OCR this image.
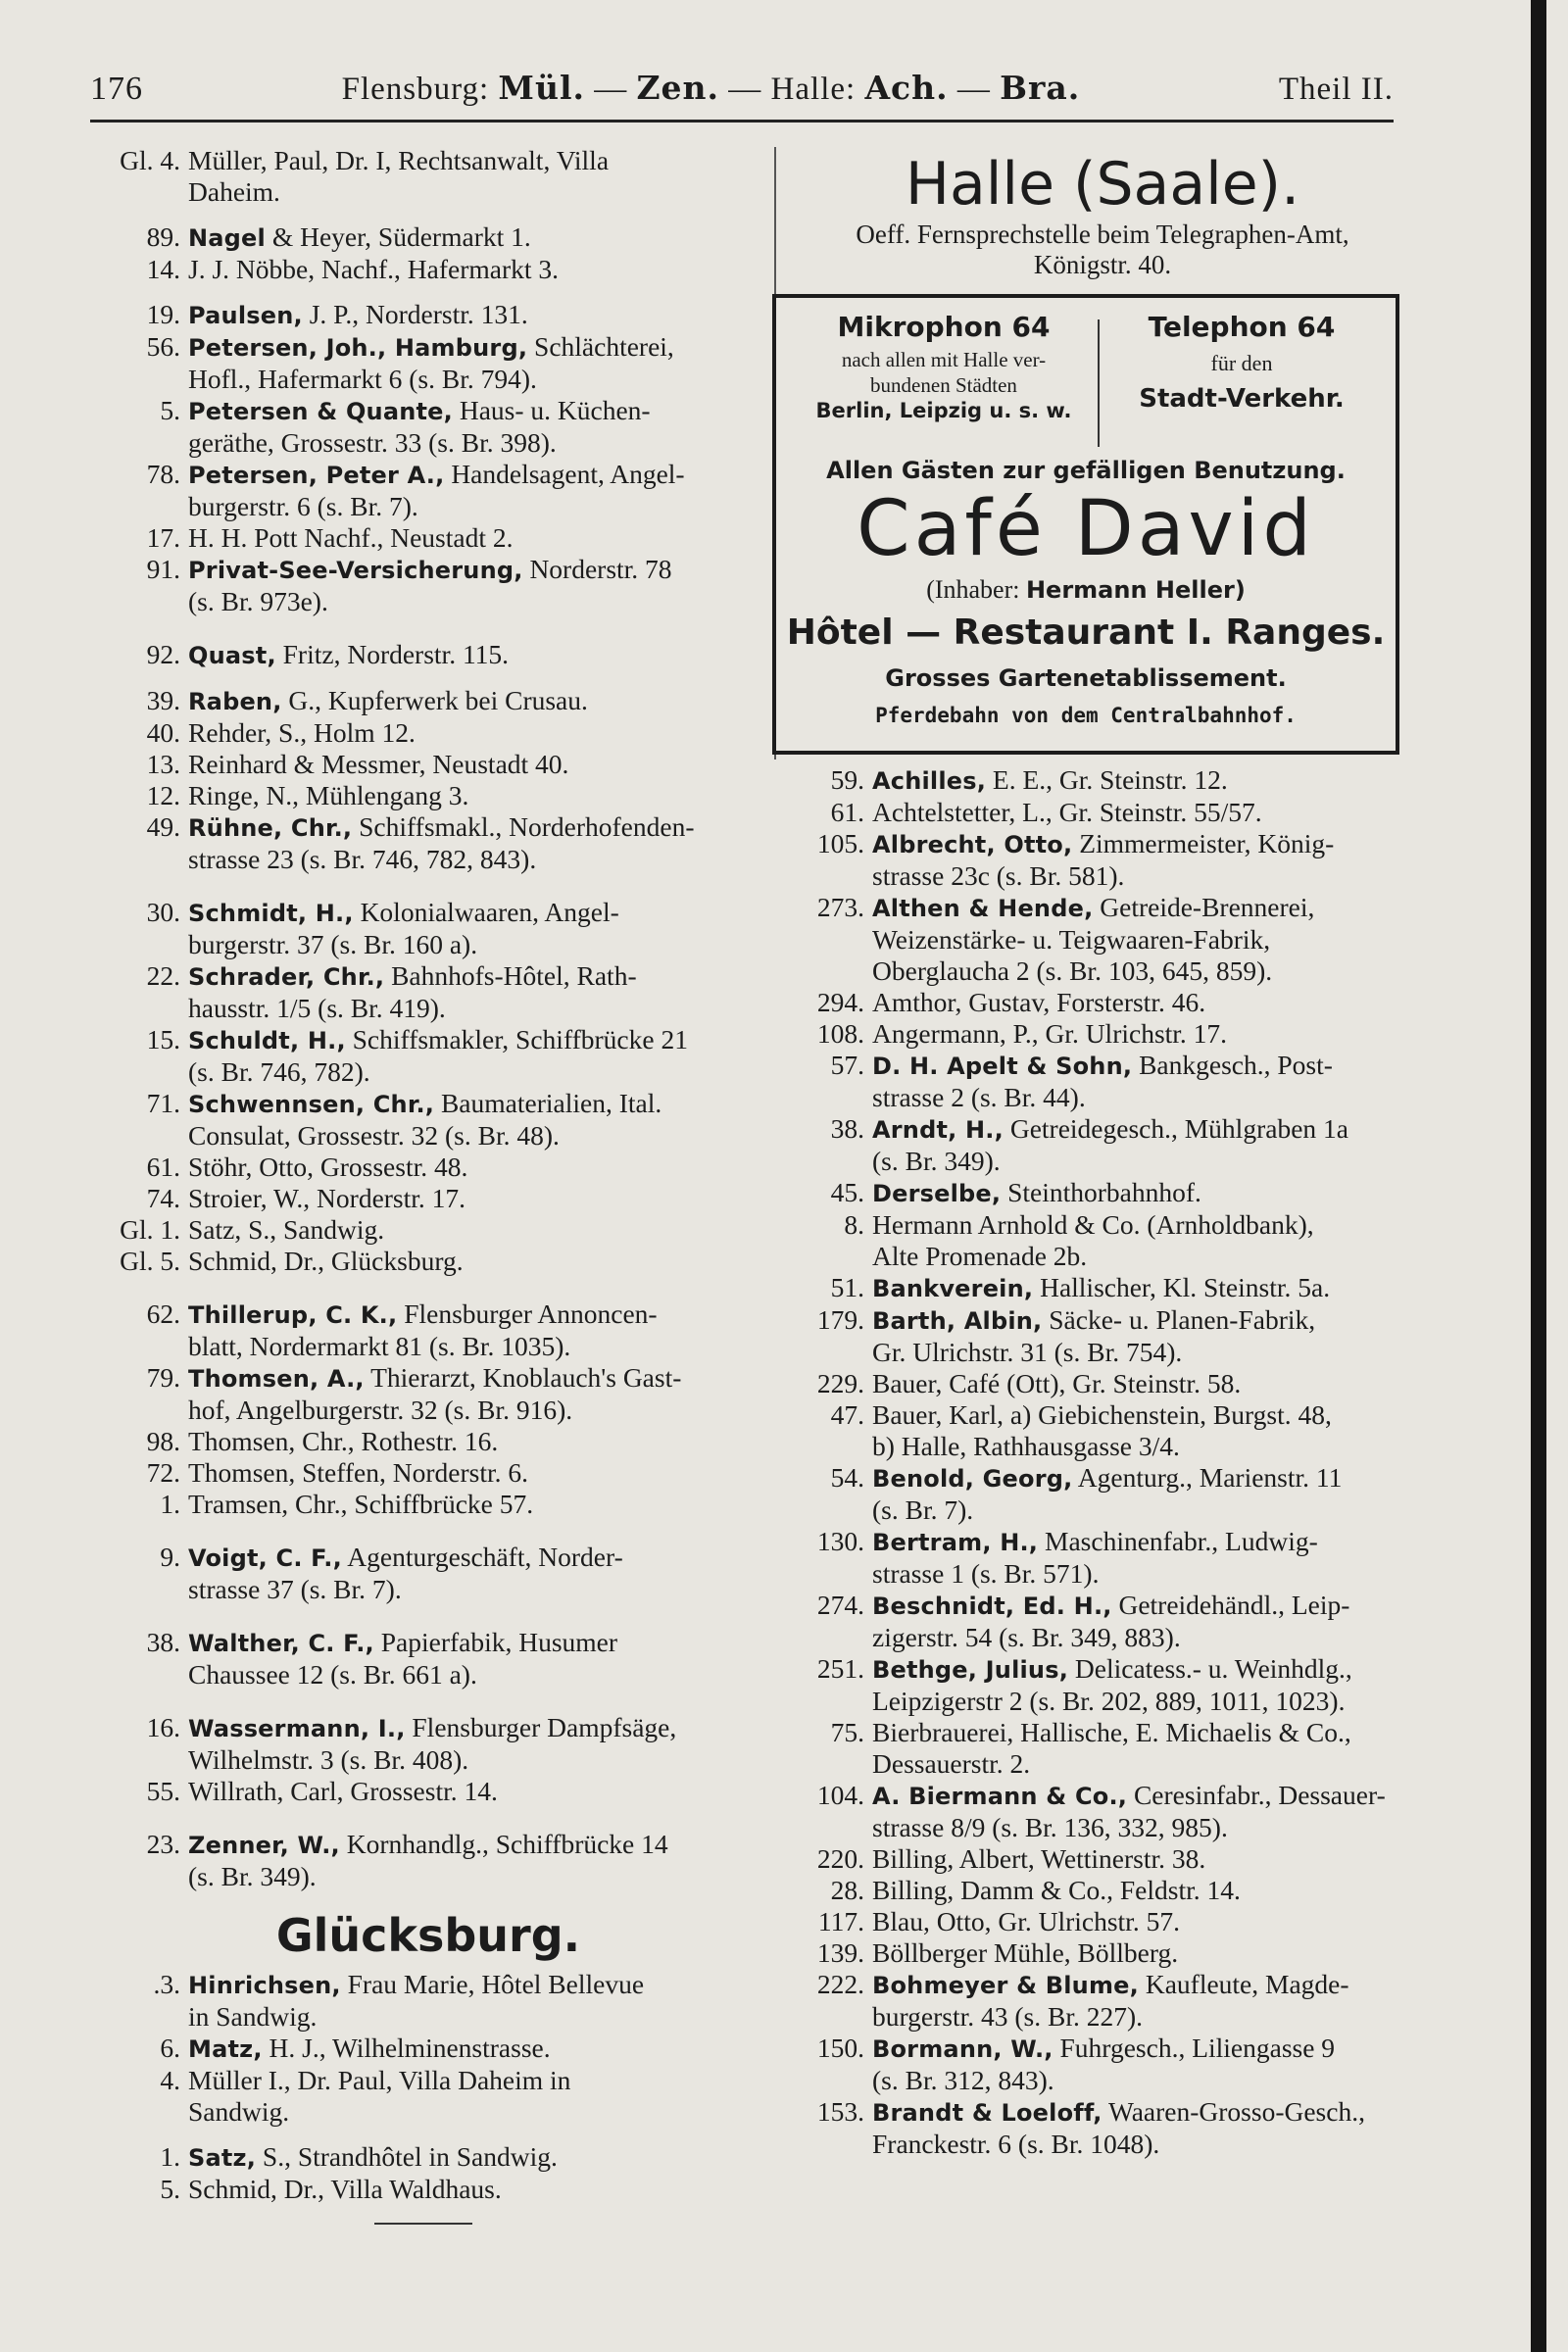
176	Flensburg: Mül. — Zen. — Halle: Ach. — Bra.	Theil II.
Gl. 4. Müller, Paul, Dr. I, Rechtsanwalt, Villa
Daheim.
89. Nagel & Heyer, Südermarkt 1.
14. J. J. Nöbbe, Nachf., Hafermarkt 3.
19. Paulsen, J. P., Norderstr. 131.
56. Petersen, Joh., Hamburg, Schlächterei,
Hofl., Hafermarkt 6 (s. Br. 794).
5. Petersen & Quante, Haus- u. Küchen-
geräthe, Grossestr. 33 (s. Br. 398).
78. Petersen, Peter A., Handelsagent, Angel-
burgerstr. 6 (s. Br. 7).
17. H. H. Pott Nachf., Neustadt 2.
91. Privat-See-Versicherung, Norderstr. 78
(s. Br. 973e).
92. Quast, Fritz, Norderstr. 115.
39. Raben, G., Kupferwerk bei Crusau.
40. Rehder, S., Holm 12.
13. Reinhard & Messmer, Neustadt 40.
12. Ringe, N., Mühlengang 3.
49. Rühne, Chr., Schiffsmakl., Norderhofenden-
strasse 23 (s. Br. 746, 782, 843).
30. Schmidt, H., Kolonialwaaren, Angel-
burgerstr. 37 (s. Br. 160 a).
22. Schrader, Chr., Bahnhofs-Hôtel, Rath-
hausstr. 1/5 (s. Br. 419).
15. Schuldt, H., Schiffsmakler, Schiffbrücke 21
(s. Br. 746, 782).
71. Schwennsen, Chr., Baumaterialien, Ital.
Consulat, Grossestr. 32 (s. Br. 48).
61. Stöhr, Otto, Grossestr. 48.
74. Stroier, W., Norderstr. 17.
Gl. 1. Satz, S., Sandwig.
Gl. 5. Schmid, Dr., Glücksburg.
62. Thillerup, C. K., Flensburger Annoncen-
blatt, Nordermarkt 81 (s. Br. 1035).
79. Thomsen, A., Thierarzt, Knoblauch's Gast-
hof, Angelburgerstr. 32 (s. Br. 916).
98. Thomsen, Chr., Rothestr. 16.
72. Thomsen, Steffen, Norderstr. 6.
1. Tramsen, Chr., Schiffbrücke 57.
9. Voigt, C. F., Agenturgeschäft, Norder-
strasse 37 (s. Br. 7).
38. Walther, C. F., Papierfabik, Husumer
Chaussee 12 (s. Br. 661 a).
16. Wassermann, I., Flensburger Dampfsäge,
Wilhelmstr. 3 (s. Br. 408).
55. Willrath, Carl, Grossestr. 14.
23. Zenner, W., Kornhandlg., Schiffbrücke 14
(s. Br. 349).
Glücksburg.
.3. Hinrichsen, Frau Marie, Hôtel Bellevue
in Sandwig.
6. Matz, H. J., Wilhelminenstrasse.
4. Müller I., Dr. Paul, Villa Daheim in
Sandwig.
1. Satz, S., Strandhôtel in Sandwig.
5. Schmid, Dr., Villa Waldhaus.
Halle (Saale).
Oeff. Fernsprechstelle beim Telegraphen-Amt,
Königstr. 40.
Mikrophon 64
nach allen mit Halle ver-
bundenen Städten
Berlin, Leipzig u. s. w.
Telephon 64
für den
Stadt-Verkehr.
Allen Gästen zur gefälligen Benutzung.
Café David
(Inhaber: Hermann Heller)
Hôtel — Restaurant I. Ranges.
Grosses Gartenetablissement.
Pferdebahn von dem Centralbahnhof.
59. Achilles, E. E., Gr. Steinstr. 12.
61. Achtelstetter, L., Gr. Steinstr. 55/57.
105. Albrecht, Otto, Zimmermeister, König-
strasse 23c (s. Br. 581).
273. Althen & Hende, Getreide-Brennerei,
Weizenstärke- u. Teigwaaren-Fabrik,
Oberglaucha 2 (s. Br. 103, 645, 859).
294. Amthor, Gustav, Forsterstr. 46.
108. Angermann, P., Gr. Ulrichstr. 17.
57. D. H. Apelt & Sohn, Bankgesch., Post-
strasse 2 (s. Br. 44).
38. Arndt, H., Getreidegesch., Mühlgraben 1a
(s. Br. 349).
45. Derselbe, Steinthorbahnhof.
8. Hermann Arnhold & Co. (Arnholdbank),
Alte Promenade 2b.
51. Bankverein, Hallischer, Kl. Steinstr. 5a.
179. Barth, Albin, Säcke- u. Planen-Fabrik,
Gr. Ulrichstr. 31 (s. Br. 754).
229. Bauer, Café (Ott), Gr. Steinstr. 58.
47. Bauer, Karl, a) Giebichenstein, Burgst. 48,
b) Halle, Rathhausgasse 3/4.
54. Benold, Georg, Agenturg., Marienstr. 11
(s. Br. 7).
130. Bertram, H., Maschinenfabr., Ludwig-
strasse 1 (s. Br. 571).
274. Beschnidt, Ed. H., Getreidehändl., Leip-
zigerstr. 54 (s. Br. 349, 883).
251. Bethge, Julius, Delicatess.- u. Weinhdlg.,
Leipzigerstr 2 (s. Br. 202, 889, 1011, 1023).
75. Bierbrauerei, Hallische, E. Michaelis & Co.,
Dessauerstr. 2.
104. A. Biermann & Co., Ceresinfabr., Dessauer-
strasse 8/9 (s. Br. 136, 332, 985).
220. Billing, Albert, Wettinerstr. 38.
28. Billing, Damm & Co., Feldstr. 14.
117. Blau, Otto, Gr. Ulrichstr. 57.
139. Böllberger Mühle, Böllberg.
222. Bohmeyer & Blume, Kaufleute, Magde-
burgerstr. 43 (s. Br. 227).
150. Bormann, W., Fuhrgesch., Liliengasse 9
(s. Br. 312, 843).
153. Brandt & Loeloff, Waaren-Grosso-Gesch.,
Franckestr. 6 (s. Br. 1048).
